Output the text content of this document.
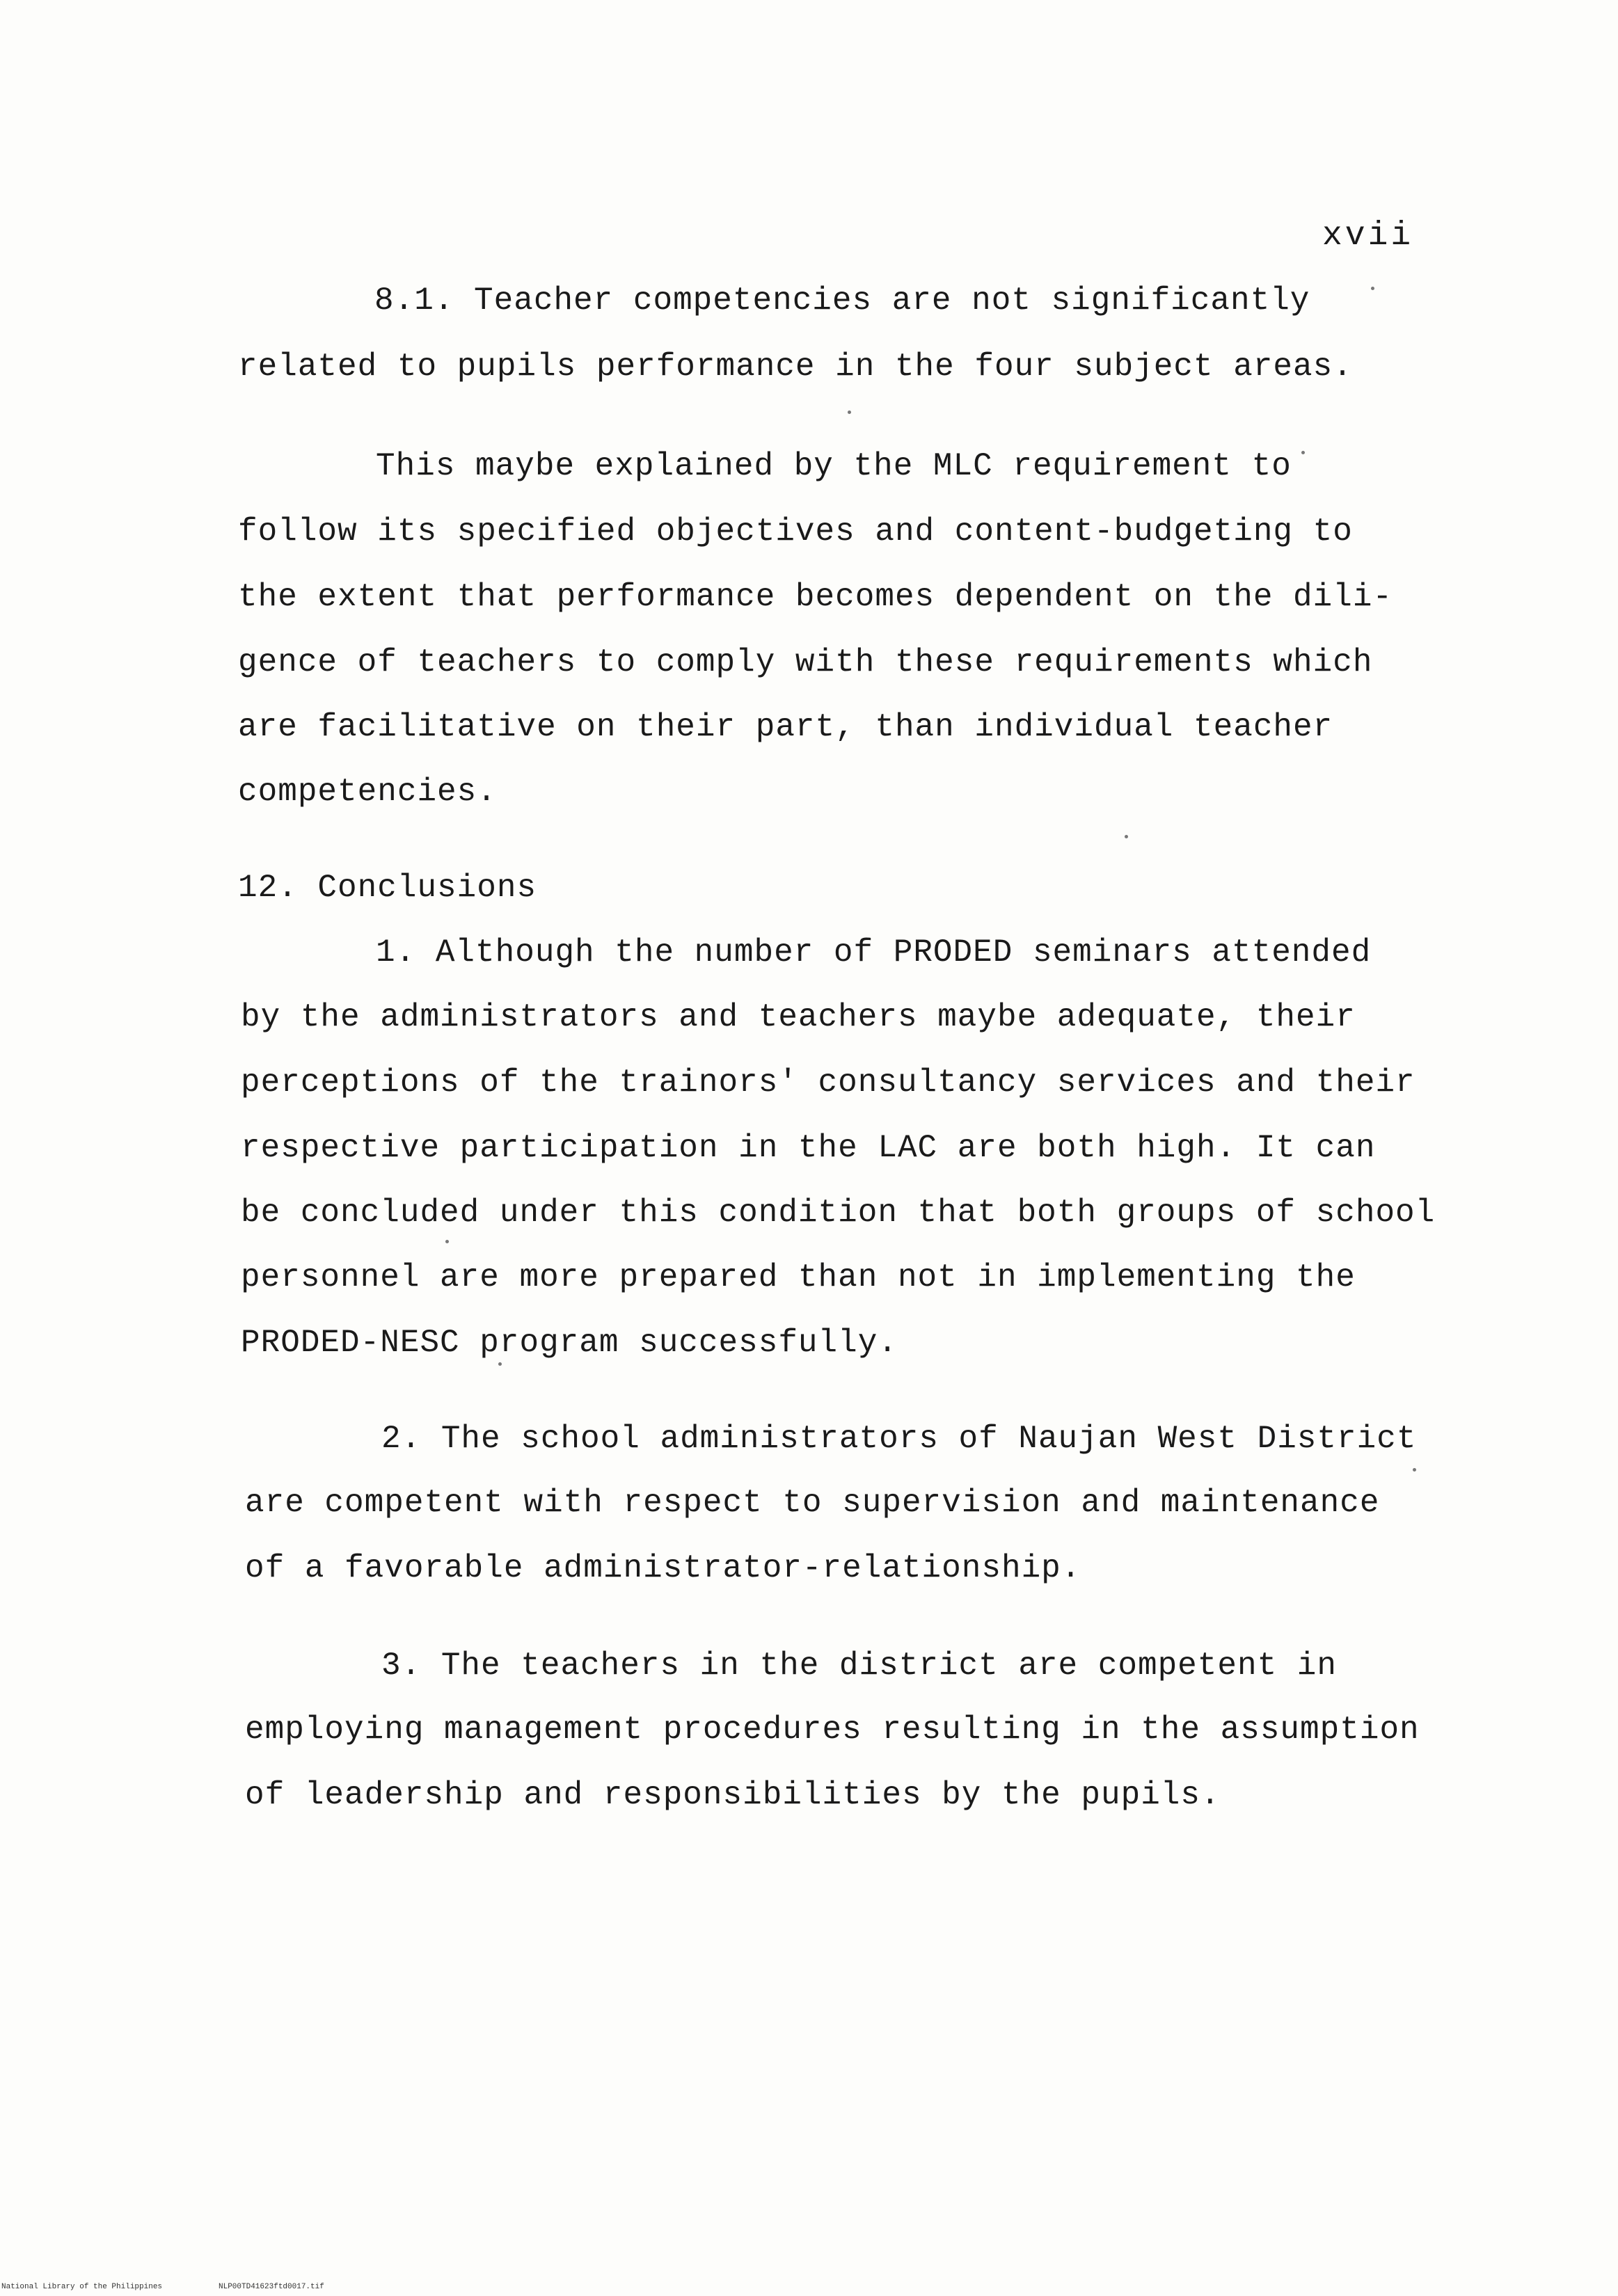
xvii
8.1. Teacher competencies are not significantly
related to pupils performance in the four subject areas.
This maybe explained by the MLC requirement to
follow its specified objectives and content-budgeting to
the extent that performance becomes dependent on the dili-
gence of teachers to comply with these requirements which
are facilitative on their part, than individual teacher
competencies.
12. Conclusions
1. Although the number of PRODED seminars attended
by the administrators and teachers maybe adequate, their
perceptions of the trainors' consultancy services and their
respective participation in the LAC are both high. It can
be concluded under this condition that both groups of school
personnel are more prepared than not in implementing the
PRODED-NESC program successfully.
2. The school administrators of Naujan West District
are competent with respect to supervision and maintenance
of a favorable administrator-relationship.
3. The teachers in the district are competent in
employing management procedures resulting in the assumption
of leadership and responsibilities by the pupils.
National Library of the Philippines	NLP00TD41623ftd0017.tif
